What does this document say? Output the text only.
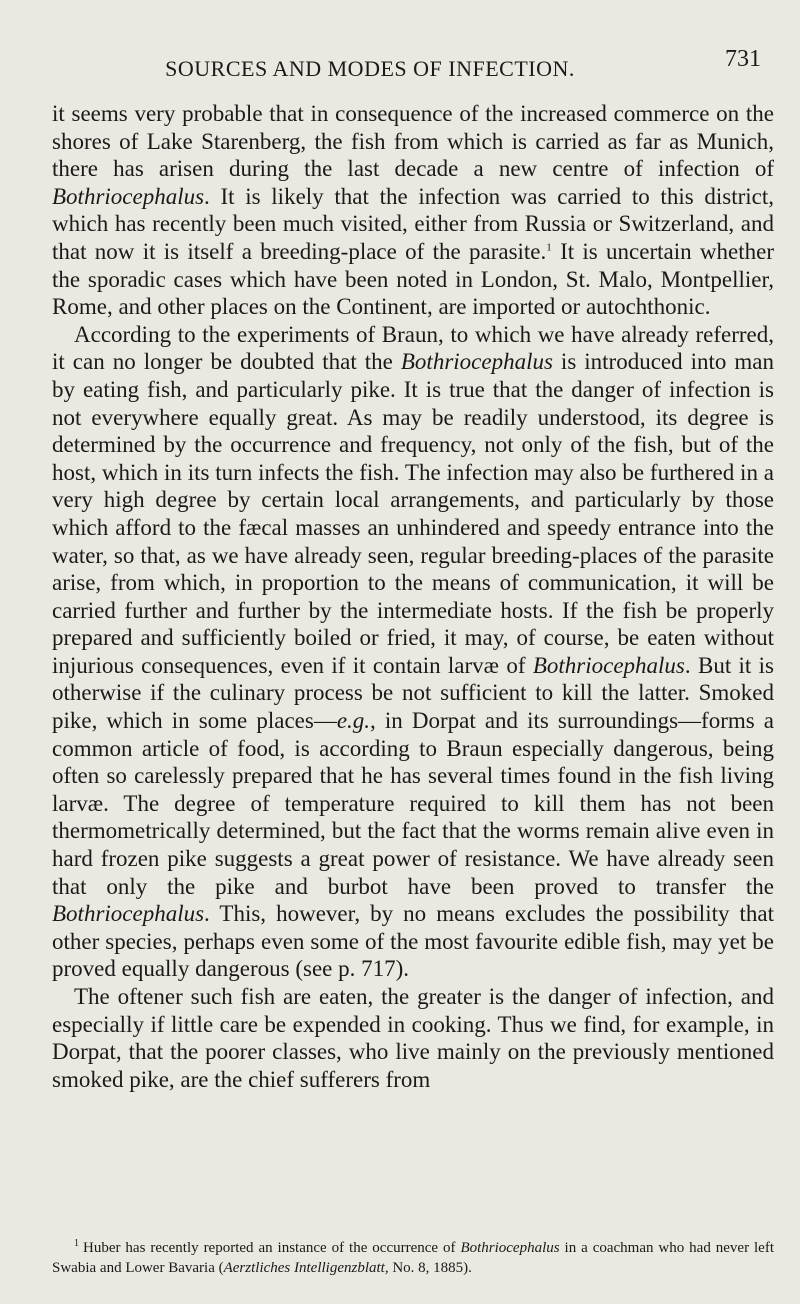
SOURCES AND MODES OF INFECTION.	731

it seems very probable that in consequence of the increased commerce on the shores of Lake Starenberg, the fish from which is carried as far as Munich, there has arisen during the last decade a new centre of infection of Bothriocephalus. It is likely that the infection was carried to this district, which has recently been much visited, either from Russia or Switzerland, and that now it is itself a breeding-place of the parasite.$^1$ It is uncertain whether the sporadic cases which have been noted in London, St. Malo, Montpellier, Rome, and other places on the Continent, are imported or autochthonic.

According to the experiments of Braun, to which we have already referred, it can no longer be doubted that the Bothriocephalus is introduced into man by eating fish, and particularly pike. It is true that the danger of infection is not everywhere equally great. As may be readily understood, its degree is determined by the occurrence and frequency, not only of the fish, but of the host, which in its turn infects the fish. The infection may also be furthered in a very high degree by certain local arrangements, and particularly by those which afford to the fæcal masses an unhindered and speedy entrance into the water, so that, as we have already seen, regular breeding-places of the parasite arise, from which, in proportion to the means of communication, it will be carried further and further by the intermediate hosts. If the fish be properly prepared and sufficiently boiled or fried, it may, of course, be eaten without injurious consequences, even if it contain larvæ of Bothriocephalus. But it is otherwise if the culinary process be not sufficient to kill the latter. Smoked pike, which in some places—e.g., in Dorpat and its surroundings—forms a common article of food, is according to Braun especially dangerous, being often so carelessly prepared that he has several times found in the fish living larvæ. The degree of temperature required to kill them has not been thermometrically determined, but the fact that the worms remain alive even in hard frozen pike suggests a great power of resistance. We have already seen that only the pike and burbot have been proved to transfer the Bothriocephalus. This, however, by no means excludes the possibility that other species, perhaps even some of the most favourite edible fish, may yet be proved equally dangerous (see p. 717).

The oftener such fish are eaten, the greater is the danger of infection, and especially if little care be expended in cooking. Thus we find, for example, in Dorpat, that the poorer classes, who live mainly on the previously mentioned smoked pike, are the chief sufferers from

$^1$ Huber has recently reported an instance of the occurrence of Bothriocephalus in a coachman who had never left Swabia and Lower Bavaria (Aerztliches Intelligenzblatt, No. 8, 1885).
